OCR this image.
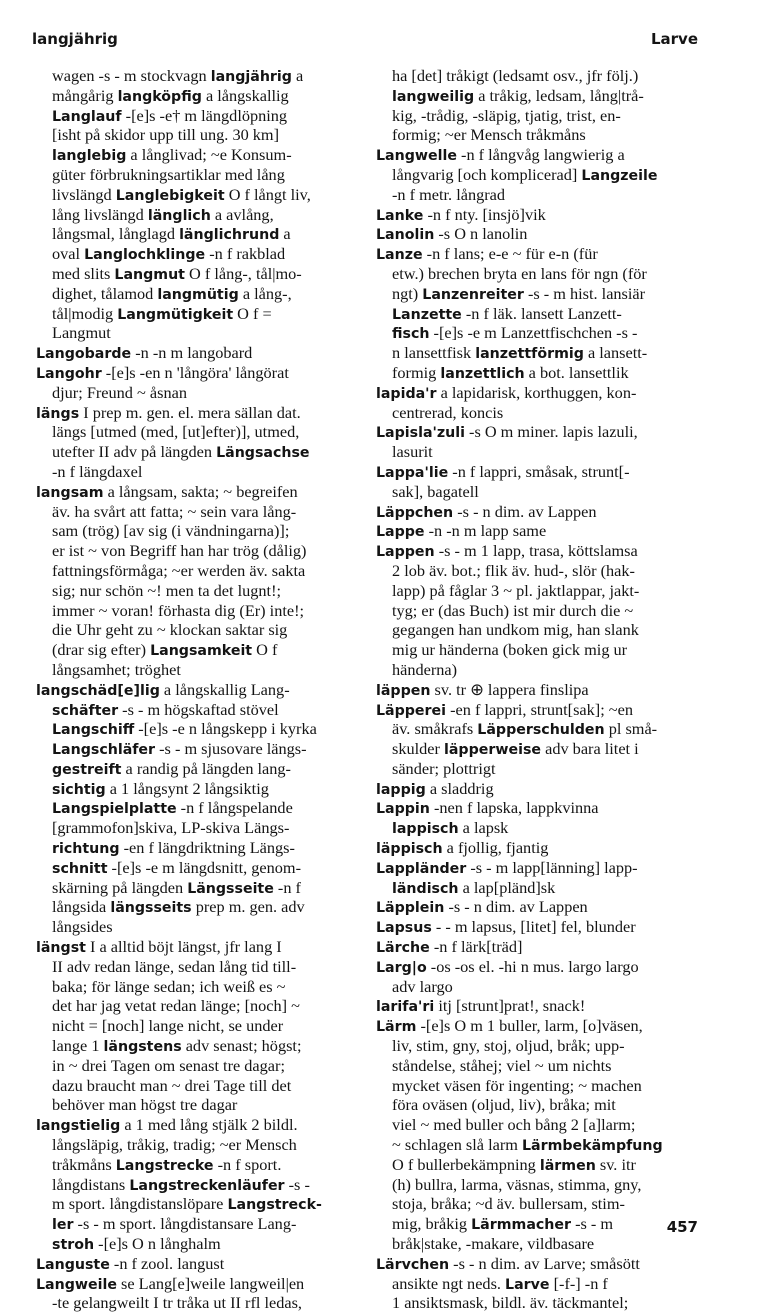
langjährig	Larve
wagen -s - m stockvagn langjährig a
mångårig langköpfig a långskallig
Langlauf -[e]s -e† m längdlöpning
[isht på skidor upp till ung. 30 km]
langlebig a långlivad; ~e Konsum-
güter förbrukningsartiklar med lång
livslängd Langlebigkeit O f långt liv,
lång livslängd länglich a avlång,
långsmal, långlagd länglichrund a
oval Langlochklinge -n f rakblad
med slits Langmut O f lång-, tål|mo-
dighet, tålamod langmütig a lång-,
tål|modig Langmütigkeit O f =
Langmut
Langobarde -n -n m langobard
Langohr -[e]s -en n 'långöra' långörat
djur; Freund ~ åsnan
längs I prep m. gen. el. mera sällan dat.
längs [utmed (med, [ut]efter)], utmed,
utefter II adv på längden Längsachse
-n f längdaxel
langsam a långsam, sakta; ~ begreifen
äv. ha svårt att fatta; ~ sein vara lång-
sam (trög) [av sig (i vändningarna)];
er ist ~ von Begriff han har trög (dålig)
fattningsförmåga; ~er werden äv. sakta
sig; nur schön ~! men ta det lugnt!;
immer ~ voran! förhasta dig (Er) inte!;
die Uhr geht zu ~ klockan saktar sig
(drar sig efter) Langsamkeit O f
långsamhet; tröghet
langschäd[e]lig a långskallig Lang-
schäfter -s - m högskaftad stövel
Langschiff -[e]s -e n långskepp i kyrka
Langschläfer -s - m sjusovare längs-
gestreift a randig på längden lang-
sichtig a 1 långsynt 2 långsiktig
Langspielplatte -n f långspelande
[grammofon]skiva, LP-skiva Längs-
richtung -en f längdriktning Längs-
schnitt -[e]s -e m längdsnitt, genom-
skärning på längden Längsseite -n f
långsida längsseits prep m. gen. adv
långsides
längst I a alltid böjt längst, jfr lang I
II adv redan länge, sedan lång tid till-
baka; för länge sedan; ich weiß es ~
det har jag vetat redan länge; [noch] ~
nicht = [noch] lange nicht, se under
lange 1 längstens adv senast; högst;
in ~ drei Tagen om senast tre dagar;
dazu braucht man ~ drei Tage till det
behöver man högst tre dagar
langstielig a 1 med lång stjälk 2 bildl.
långsläpig, tråkig, tradig; ~er Mensch
tråkmåns Langstrecke -n f sport.
långdistans Langstreckenläufer -s -
m sport. långdistanslöpare Langstreck-
ler -s - m sport. långdistansare Lang-
stroh -[e]s O n långhalm
Languste -n f zool. langust
Langweile se Lang[e]weile langweil|en
-te gelangweilt I tr tråka ut II rfl ledas,
ha [det] tråkigt (ledsamt osv., jfr följ.)
langweilig a tråkig, ledsam, lång|trå-
kig, -trådig, -släpig, tjatig, trist, en-
formig; ~er Mensch tråkmåns
Langwelle -n f långvåg langwierig a
långvarig [och komplicerad] Langzeile
-n f metr. långrad
Lanke -n f nty. [insjö]vik
Lanolin -s O n lanolin
Lanze -n f lans; e-e ~ für e-n (für
etw.) brechen bryta en lans för ngn (för
ngt) Lanzenreiter -s - m hist. lansiär
Lanzette -n f läk. lansett Lanzett-
fisch -[e]s -e m Lanzettfischchen -s -
n lansettfisk lanzettförmig a lansett-
formig lanzettlich a bot. lansettlik
lapida'r a lapidarisk, korthuggen, kon-
centrerad, koncis
Lapisla'zuli -s O m miner. lapis lazuli,
lasurit
Lappa'lie -n f lappri, småsak, strunt[-
sak], bagatell
Läppchen -s - n dim. av Lappen
Lappe -n -n m lapp same
Lappen -s - m 1 lapp, trasa, köttslamsa
2 lob äv. bot.; flik äv. hud-, slör (hak-
lapp) på fåglar 3 ~ pl. jaktlappar, jakt-
tyg; er (das Buch) ist mir durch die ~
gegangen han undkom mig, han slank
mig ur händerna (boken gick mig ur
händerna)
läppen sv. tr ⊕ lappera finslipa
Läpperei -en f lappri, strunt[sak]; ~en
äv. småkrafs Läpperschulden pl små-
skulder läpperweise adv bara litet i
sänder; plottrigt
lappig a sladdrig
Lappin -nen f lapska, lappkvinna
lappisch a lapsk
läppisch a fjollig, fjantig
Lappländer -s - m lapp[länning] lapp-
ländisch a lap[pländ]sk
Läpplein -s - n dim. av Lappen
Lapsus - - m lapsus, [litet] fel, blunder
Lärche -n f lärk[träd]
Larg|o -os -os el. -hi n mus. largo largo
adv largo
larifa'ri itj [strunt]prat!, snack!
Lärm -[e]s O m 1 buller, larm, [o]väsen,
liv, stim, gny, stoj, oljud, bråk; upp-
ståndelse, ståhej; viel ~ um nichts
mycket väsen för ingenting; ~ machen
föra oväsen (oljud, liv), bråka; mit
viel ~ med buller och bång 2 [a]larm;
~ schlagen slå larm Lärmbekämpfung
O f bullerbekämpning lärmen sv. itr
(h) bullra, larma, väsnas, stimma, gny,
stoja, bråka; ~d äv. bullersam, stim-
mig, bråkig Lärmmacher -s - m
bråk|stake, -makare, vildbasare
Lärvchen -s - n dim. av Larve; småsött
ansikte ngt neds. Larve [-f-] -n f
1 ansiktsmask, bildl. äv. täckmantel;
457
